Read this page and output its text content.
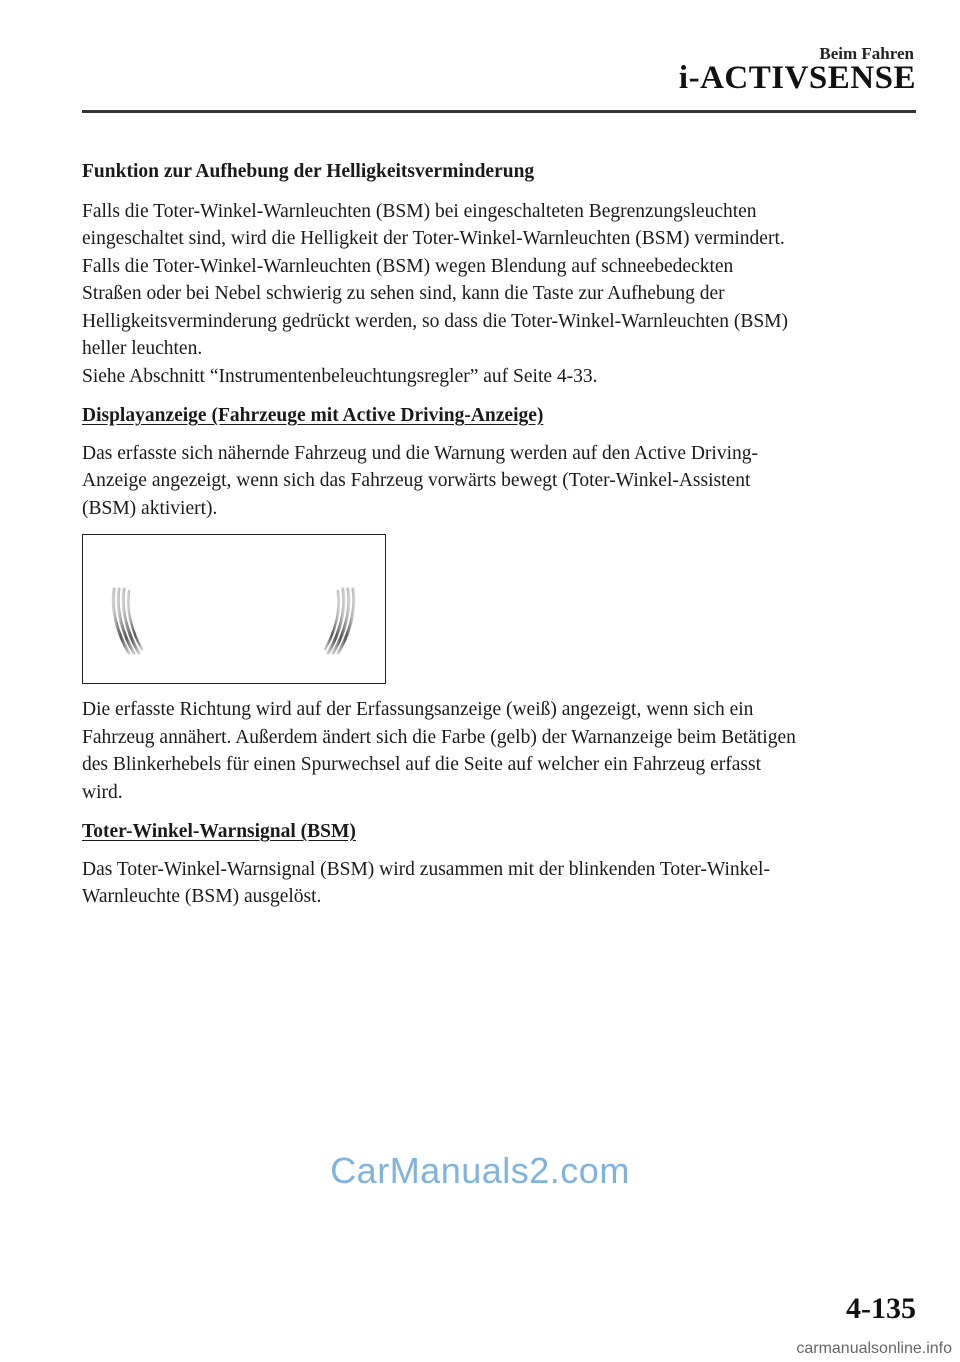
Beim Fahren
i-ACTIVSENSE
Funktion zur Aufhebung der Helligkeitsverminderung
Falls die Toter-Winkel-Warnleuchten (BSM) bei eingeschalteten Begrenzungsleuchten
eingeschaltet sind, wird die Helligkeit der Toter-Winkel-Warnleuchten (BSM) vermindert.
Falls die Toter-Winkel-Warnleuchten (BSM) wegen Blendung auf schneebedeckten
Straßen oder bei Nebel schwierig zu sehen sind, kann die Taste zur Aufhebung der
Helligkeitsverminderung gedrückt werden, so dass die Toter-Winkel-Warnleuchten (BSM)
heller leuchten.
Siehe Abschnitt “Instrumentenbeleuchtungsregler” auf Seite 4-33.
Displayanzeige (Fahrzeuge mit Active Driving-Anzeige)
Das erfasste sich nähernde Fahrzeug und die Warnung werden auf den Active Driving-
Anzeige angezeigt, wenn sich das Fahrzeug vorwärts bewegt (Toter-Winkel-Assistent
(BSM) aktiviert).
Die erfasste Richtung wird auf der Erfassungsanzeige (weiß) angezeigt, wenn sich ein
Fahrzeug annähert. Außerdem ändert sich die Farbe (gelb) der Warnanzeige beim Betätigen
des Blinkerhebels für einen Spurwechsel auf die Seite auf welcher ein Fahrzeug erfasst
wird.
Toter-Winkel-Warnsignal (BSM)
Das Toter-Winkel-Warnsignal (BSM) wird zusammen mit der blinkenden Toter-Winkel-
Warnleuchte (BSM) ausgelöst.
CarManuals2.com
4-135
carmanualsonline.info
